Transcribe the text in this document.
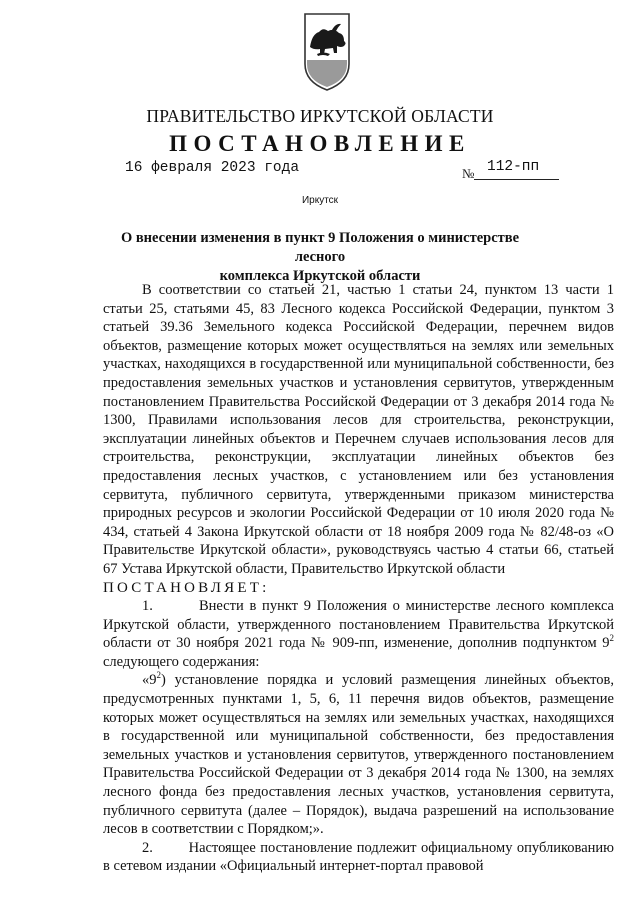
ПРАВИТЕЛЬСТВО ИРКУТСКОЙ ОБЛАСТИ
ПОСТАНОВЛЕНИЕ
16 февраля 2023 года	№ 112-пп
Иркутск
О внесении изменения в пункт 9 Положения о министерстве лесного
комплекса Иркутской области

В соответствии со статьей 21, частью 1 статьи 24, пунктом 13 части 1 статьи 25, статьями 45, 83 Лесного кодекса Российской Федерации, пунктом 3 статьей 39.36 Земельного кодекса Российской Федерации, перечнем видов объектов, размещение которых может осуществляться на землях или земельных участках, находящихся в государственной или муниципальной собственности, без предоставления земельных участков и установления сервитутов, утвержденным постановлением Правительства Российской Федерации от 3 декабря 2014 года № 1300, Правилами использования лесов для строительства, реконструкции, эксплуатации линейных объектов и Перечнем случаев использования лесов для строительства, реконструкции, эксплуатации линейных объектов без предоставления лесных участков, с установлением или без установления сервитута, публичного сервитута, утвержденными приказом министерства природных ресурсов и экологии Российской Федерации от 10 июля 2020 года № 434, статьей 4 Закона Иркутской области от 18 ноября 2009 года № 82/48-оз «О Правительстве Иркутской области», руководствуясь частью 4 статьи 66, статьей 67 Устава Иркутской области, Правительство Иркутской области

ПОСТАНОВЛЯЕТ:

1.	Внести в пункт 9 Положения о министерстве лесного комплекса Иркутской области, утвержденного постановлением Правительства Иркутской области от 30 ноября 2021 года № 909-пп, изменение, дополнив подпунктом $9^2$ следующего содержания:

«$9^2$) установление порядка и условий размещения линейных объектов, предусмотренных пунктами 1, 5, 6, 11 перечня видов объектов, размещение которых может осуществляться на землях или земельных участках, находящихся в государственной или муниципальной собственности, без предоставления земельных участков и установления сервитутов, утвержденного постановлением Правительства Российской Федерации от 3 декабря 2014 года № 1300, на землях лесного фонда без предоставления лесных участков, установления сервитута, публичного сервитута (далее – Порядок), выдача разрешений на использование лесов в соответствии с Порядком;».

2. Настоящее постановление подлежит официальному опубликованию в сетевом издании «Официальный интернет-портал правовой
